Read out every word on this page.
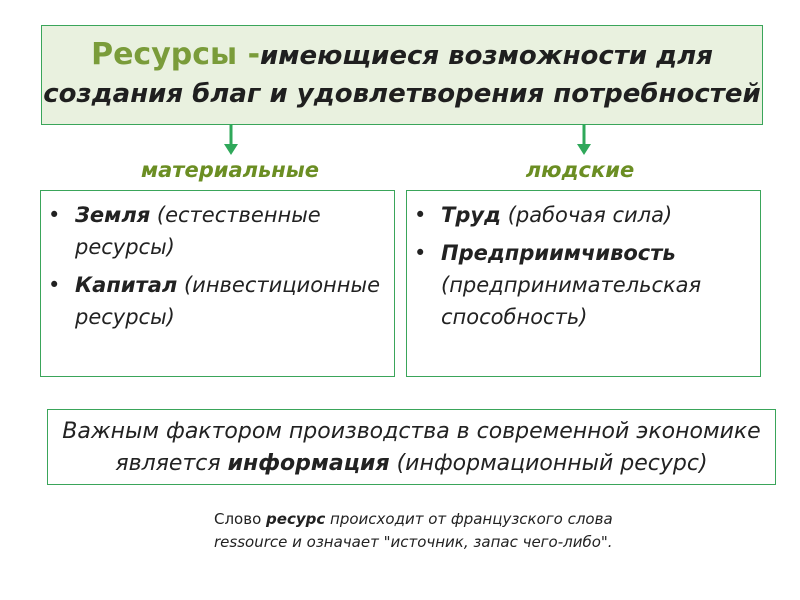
Ресурсы -имеющиеся возможности для
создания благ и удовлетворения потребностей
материальные	людские
• Земля (естественные ресурсы)
• Капитал (инвестиционные ресурсы)
• Труд (рабочая сила)
• Предприимчивость (предпринимательская способность)
Важным фактором производства в современной экономике
является информация (информационный ресурс)
Слово ресурс происходит от французского слова ressource и означает "источник, запас чего-либо".
